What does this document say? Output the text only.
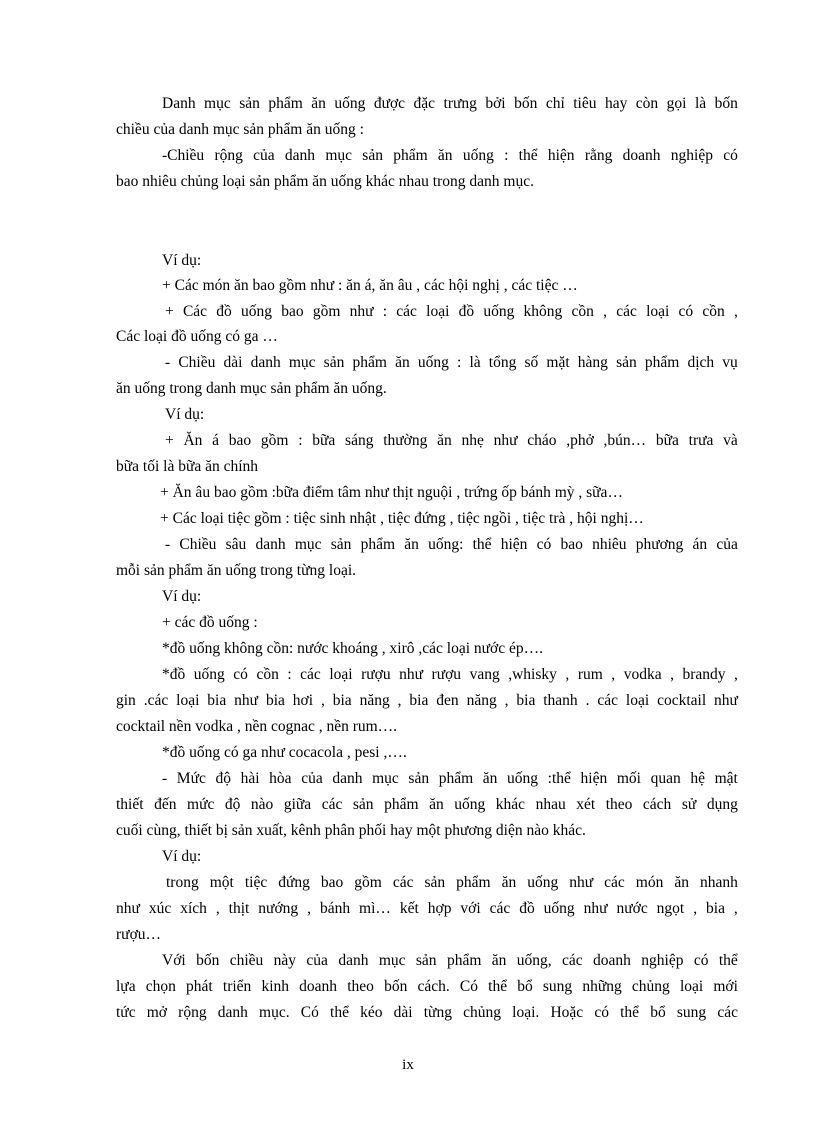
Danh mục sản phẩm ăn uống được đặc trưng bởi bốn chỉ tiêu hay còn gọi là bốn
chiều của danh mục sản phẩm ăn uống :
-Chiều rộng của danh mục sản phẩm ăn uống : thể hiện rằng doanh nghiệp có
bao nhiêu chủng loại sản phẩm ăn uống khác nhau trong danh mục.
Ví dụ:
+ Các món ăn bao gồm như : ăn á, ăn âu , các hội nghị , các tiệc …
+ Các đồ uống bao gồm như : các loại đồ uống không cồn , các loại có cồn ,
Các loại đồ uống có ga …
- Chiều dài danh mục sản phẩm ăn uống : là tổng số mặt hàng sản phẩm dịch vụ
ăn uống trong danh mục sản phẩm ăn uống.
Ví dụ:
+ Ăn á bao gồm : bữa sáng thường ăn nhẹ như cháo ,phở ,bún… bữa trưa và
bữa tối là bữa ăn chính
+ Ăn âu bao gồm :bữa điểm tâm như thịt nguội , trứng ốp bánh mỳ , sữa…
+ Các loại tiệc gồm : tiệc sinh nhật , tiệc đứng , tiệc ngồi , tiệc trà , hội nghị…
- Chiều sâu danh mục sản phẩm ăn uống: thể hiện có bao nhiêu phương án của
mỗi sản phẩm ăn uống trong từng loại.
Ví dụ:
+ các đồ uống :
*đồ uống không cồn: nước khoáng , xirô ,các loại nước ép….
*đồ uống có cồn : các loại rượu như rượu vang ,whisky , rum , vodka , brandy ,
gin .các loại bia như bia hơi , bia năng , bia đen năng , bia thanh . các loại cocktail như
cocktail nền vodka , nền cognac , nền rum….
*đồ uống có ga như cocacola , pesi ,….
- Mức độ hài hòa của danh mục sản phẩm ăn uống :thể hiện mối quan hệ mật
thiết đến mức độ nào giữa các sản phẩm ăn uống khác nhau xét theo cách sử dụng
cuối cùng, thiết bị sản xuất, kênh phân phối hay một phương diện nào khác.
Ví dụ:
trong một tiệc đứng bao gồm các sản phẩm ăn uống như các món ăn nhanh
như xúc xích , thịt nướng , bánh mì… kết hợp với các đồ uống như nước ngọt , bia ,
rượu…
Với bốn chiều này của danh mục sản phẩm ăn uống, các doanh nghiệp có thể
lựa chọn phát triển kinh doanh theo bốn cách. Có thể bổ sung những chủng loại mới
tức mở rộng danh mục. Có thể kéo dài từng chủng loại. Hoặc có thể bổ sung các
ix
